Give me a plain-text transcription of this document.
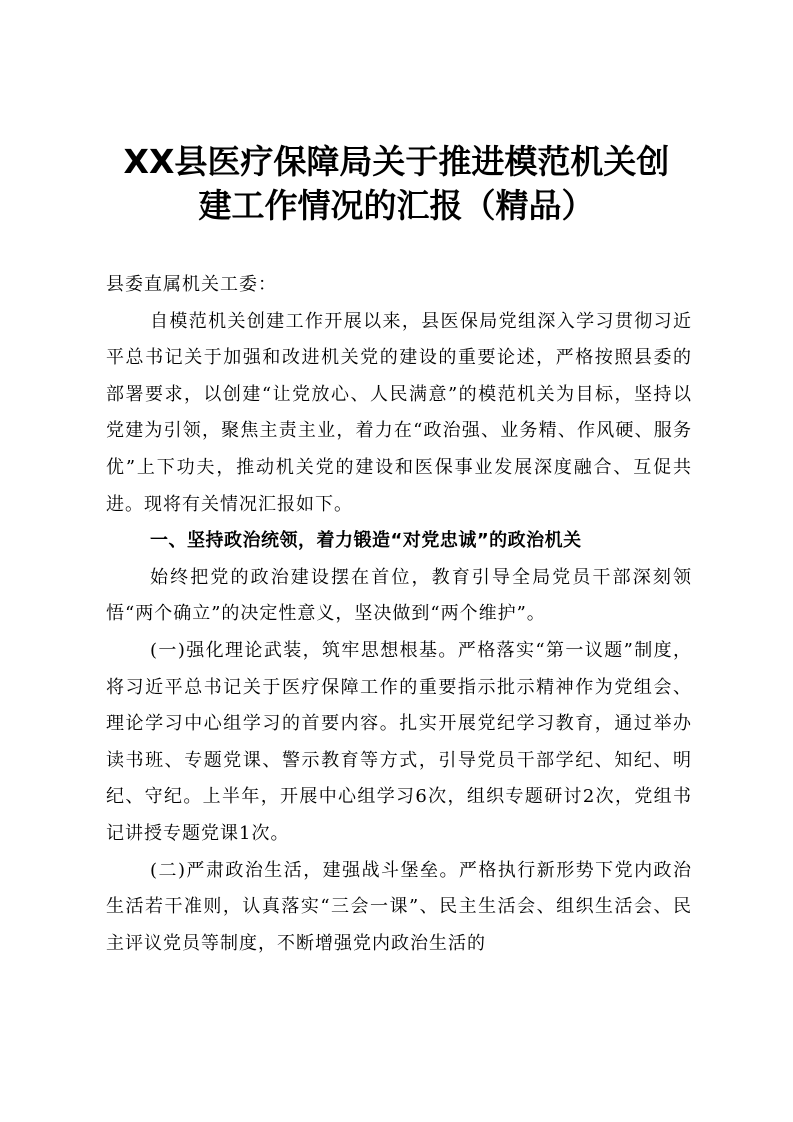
XX县医疗保障局关于推进模范机关创
建工作情况的汇报（精品）

县委直属机关工委：

自模范机关创建工作开展以来，县医保局党组深入学习贯彻习近平总书记关于加强和改进机关党的建设的重要论述，严格按照县委的部署要求，以创建“让党放心、人民满意”的模范机关为目标，坚持以党建为引领，聚焦主责主业，着力在“政治强、业务精、作风硬、服务优”上下功夫，推动机关党的建设和医保事业发展深度融合、互促共进。现将有关情况汇报如下。

一、坚持政治统领，着力锻造“对党忠诚”的政治机关

始终把党的政治建设摆在首位，教育引导全局党员干部深刻领悟“两个确立”的决定性意义，坚决做到“两个维护”。

(一)强化理论武装，筑牢思想根基。严格落实“第一议题”制度，将习近平总书记关于医疗保障工作的重要指示批示精神作为党组会、理论学习中心组学习的首要内容。扎实开展党纪学习教育，通过举办读书班、专题党课、警示教育等方式，引导党员干部学纪、知纪、明纪、守纪。上半年，开展中心组学习6次，组织专题研讨2次，党组书记讲授专题党课1次。

(二)严肃政治生活，建强战斗堡垒。严格执行新形势下党内政治生活若干准则，认真落实“三会一课”、民主生活会、组织生活会、民主评议党员等制度，不断增强党内政治生活的
